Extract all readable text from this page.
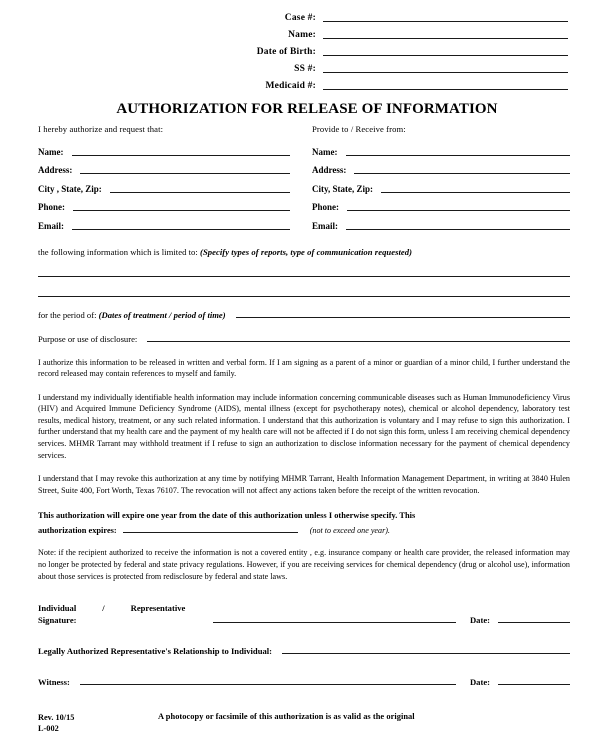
Case #:
Name:
Date of Birth:
SS #:
Medicaid #:
AUTHORIZATION FOR RELEASE OF INFORMATION
I hereby authorize and request that:
Name:
Address:
City , State, Zip:
Phone:
Email:
Provide to / Receive from:
Name:
Address:
City, State, Zip:
Phone:
Email:
the following information which is limited to: (Specify types of reports, type of communication requested)
for the period of: (Dates of treatment / period of time)
Purpose or use of disclosure:
I authorize this information to be released in written and verbal form. If I am signing as a parent of a minor or guardian of a minor child, I further understand the record released may contain references to myself and family.
I understand my individually identifiable health information may include information concerning communicable diseases such as Human Immunodeficiency Virus (HIV) and Acquired Immune Deficiency Syndrome (AIDS), mental illness (except for psychotherapy notes), chemical or alcohol dependency, laboratory test results, medical history, treatment, or any such related information. I understand that this authorization is voluntary and I may refuse to sign this authorization. I further understand that my health care and the payment of my health care will not be affected if I do not sign this form, unless I am receiving chemical dependency services. MHMR Tarrant may withhold treatment if I refuse to sign an authorization to disclose information necessary for the payment of chemical dependency services.
I understand that I may revoke this authorization at any time by notifying MHMR Tarrant, Health Information Management Department, in writing at 3840 Hulen Street, Suite 400, Fort Worth, Texas 76107. The revocation will not affect any actions taken before the receipt of the written revocation.
This authorization will expire one year from the date of this authorization unless I otherwise specify. This
authorization expires:	(not to exceed one year).
Note: if the recipient authorized to receive the information is not a covered entity , e.g. insurance company or health care provider, the released information may no longer be protected by federal and state privacy regulations. However, if you are receiving services for chemical dependency (drug or alcohol use), information about those services is protected from redisclosure by federal and state laws.
Individual	/	Representative
Signature:	Date:
Legally Authorized Representative's Relationship to Individual:
Witness:	Date:
Rev. 10/15
L-002
A photocopy or facsimile of this authorization is as valid as the original
